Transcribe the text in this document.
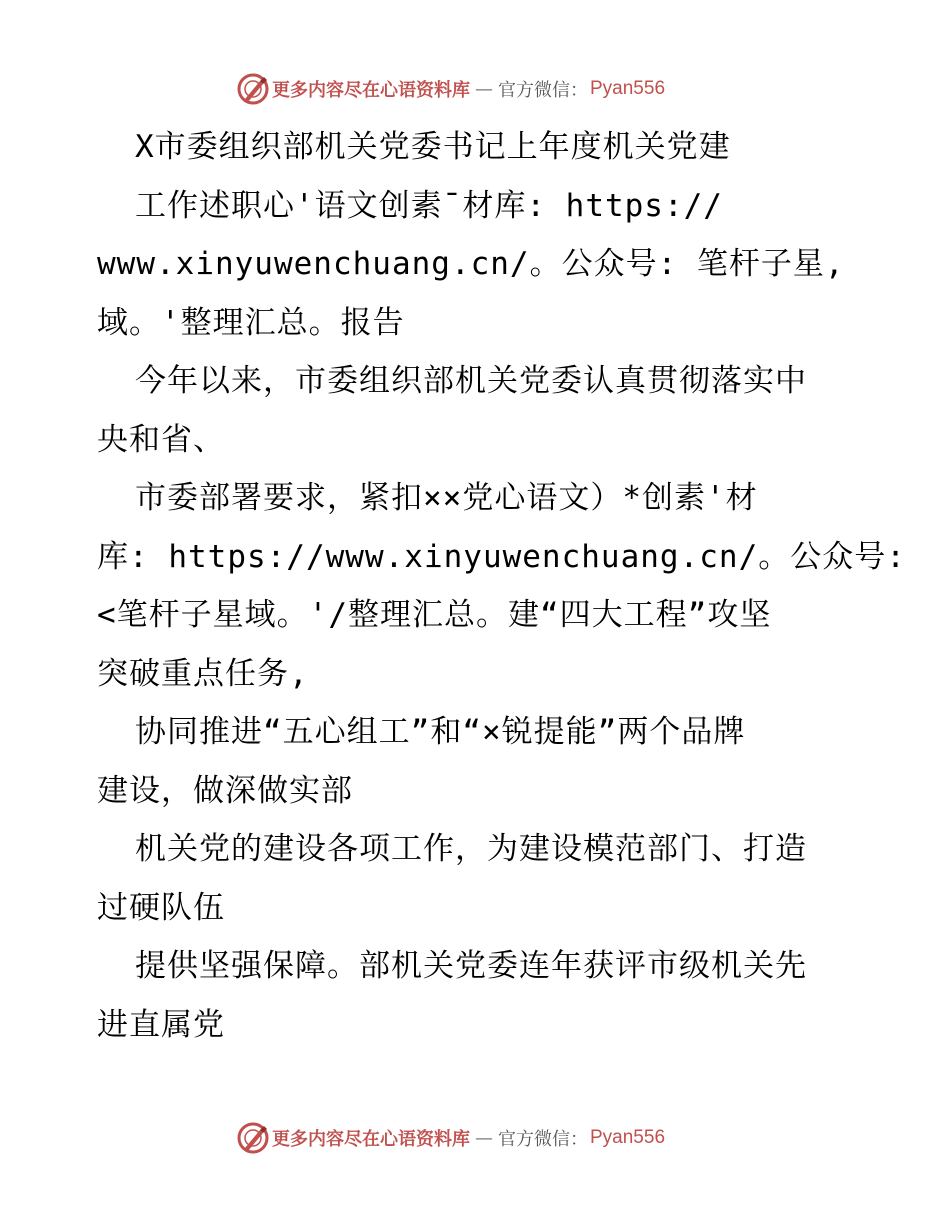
更多内容尽在心语资料库 — 官方微信： Pyan556
X市委组织部机关党委书记上年度机关党建
工作述职心'语文创素¯材库: https://
www.xinyuwenchuang.cn/。公众号: 笔杆子星,
域。'整理汇总。报告
今年以来，市委组织部机关党委认真贯彻落实中
央和省、
市委部署要求，紧扣××党心语文）*创素'材
库: https://www.xinyuwenchuang.cn/。公众号:
<笔杆子星域。'/整理汇总。建“四大工程”攻坚
突破重点任务,
协同推进“五心组工”和“×锐提能”两个品牌
建设，做深做实部
机关党的建设各项工作，为建设模范部门、打造
过硬队伍
提供坚强保障。部机关党委连年获评市级机关先
进直属党
更多内容尽在心语资料库 — 官方微信： Pyan556
